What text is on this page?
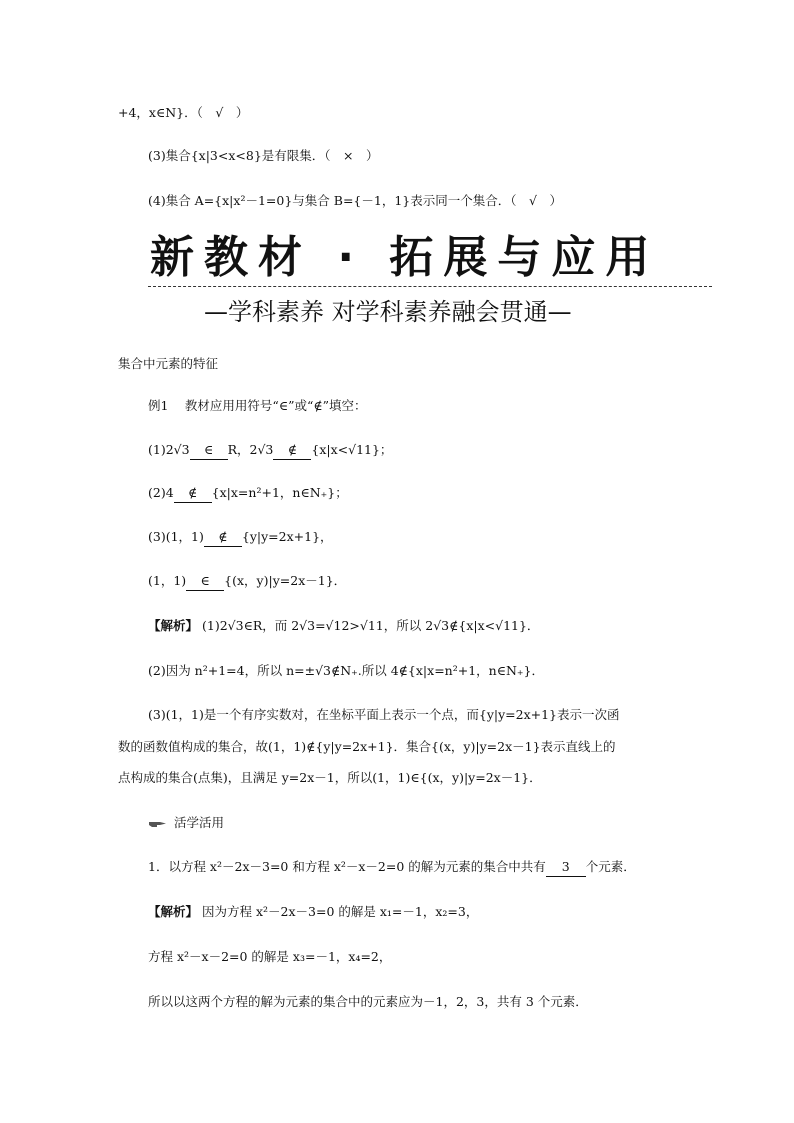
+4，x∈N}．（　√　）
(3)集合{x|3<x<8}是有限集．（　×　）
(4)集合 A={x|x²－1=0}与集合 B={－1，1}表示同一个集合．（　√　）
新教材 · 拓展与应用
—学科素养 对学科素养融会贯通—
集合中元素的特征
例1　 教材应用用符号“∈”或“∉”填空：
(1)2√3 ∈ R，2√3 ∉ {x|x<√11}；
(2)4 ∉ {x|x=n²+1，n∈N₊}；
(3)(1，1) ∉ {y|y=2x+1}，
(1，1) ∈ {(x，y)|y=2x－1}．
【解析】 (1)2√3∈R，而 2√3=√12>√11，所以 2√3∉{x|x<√11}．
(2)因为 n²+1=4，所以 n=±√3∉N₊.所以 4∉{x|x=n²+1，n∈N₊}．
(3)(1，1)是一个有序实数对，在坐标平面上表示一个点，而{y|y=2x+1}表示一次函
数的函数值构成的集合，故(1，1)∉{y|y=2x+1}．集合{(x，y)|y=2x－1}表示直线上的
点构成的集合(点集)，且满足 y=2x－1，所以(1，1)∈{(x，y)|y=2x－1}．
活学活用
1．以方程 x²－2x－3=0 和方程 x²－x－2=0 的解为元素的集合中共有 3 个元素．
【解析】 因为方程 x²－2x－3=0 的解是 x₁=－1，x₂=3，
方程 x²－x－2=0 的解是 x₃=－1，x₄=2，
所以以这两个方程的解为元素的集合中的元素应为－1，2，3，共有 3 个元素．
